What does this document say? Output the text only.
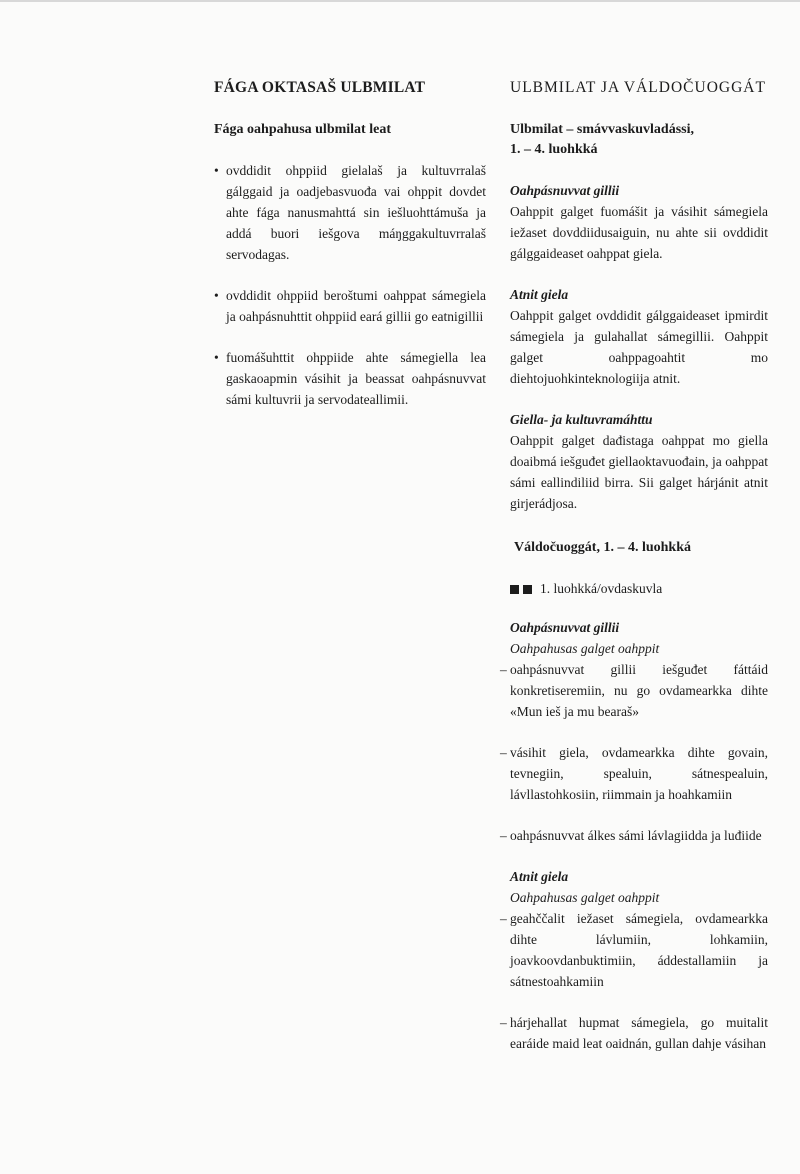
FÁGA OKTASAŠ ULBMILAT
Fága oahpahusa ulbmilat leat
• ovddidit ohppiid gielalaš ja kultuvrralaš gálggaid ja oadjebasvuođa vai ohppit dovdet ahte fága nanusmahttá sin iešluohttámuša ja addá buori iešgova máŋggakultuvrralaš servodagas.
• ovddidit ohppiid beroštumi oahppat sámegiela ja oahpásnuhttit ohppiid eará gillii go eatnigillii
• fuomášuhttit ohppiide ahte sámegiella lea gaskaoapmin vásihit ja beassat oahpásnuvvat sámi kultuvrii ja servodateallimii.
ULBMILAT JA VÁLDOČUOGGÁT
Ulbmilat – smávvaskuvladássi,
1. – 4. luohkká
Oahpásnuvvat gillii
Oahppit galget fuomášit ja vásihit sámegiela iežaset dovddiidusaiguin, nu ahte sii ovddidit gálggaideaset oahppat giela.
Atnit giela
Oahppit galget ovddidit gálggaideaset ipmirdit sámegiela ja gulahallat sámegillii. Oahppit galget oahppagoahtit mo diehtojuohkinteknologiija atnit.
Giella- ja kultuvramáhttu
Oahppit galget dađistaga oahppat mo giella doaibmá iešguđet giellaoktavuođain, ja oahppat sámi eallindiliid birra. Sii galget hárjánit atnit girjerádjosa.
Váldočuoggát, 1. – 4. luohkká
1. luohkká/ovdaskuvla
Oahpásnuvvat gillii
Oahpahusas galget oahppit
– oahpásnuvvat gillii iešguđet fáttáid konkretiseremiin, nu go ovdamearkka dihte «Mun ieš ja mu bearaš»
– vásihit giela, ovdamearkka dihte govain, tevnegiin, spealuin, sátnespealuin, lávllastohkosiin, riimmain ja hoahkamiin
– oahpásnuvvat álkes sámi lávlagiidda ja luđiide
Atnit giela
Oahpahusas galget oahppit
– geahččalit iežaset sámegiela, ovdamearkka dihte lávlumiin, lohkamiin, joavkoovdanbuktimiin, áddestallamiin ja sátnestoahkamiin
– hárjehallat hupmat sámegiela, go muitalit earáide maid leat oaidnán, gullan dahje vásihan
